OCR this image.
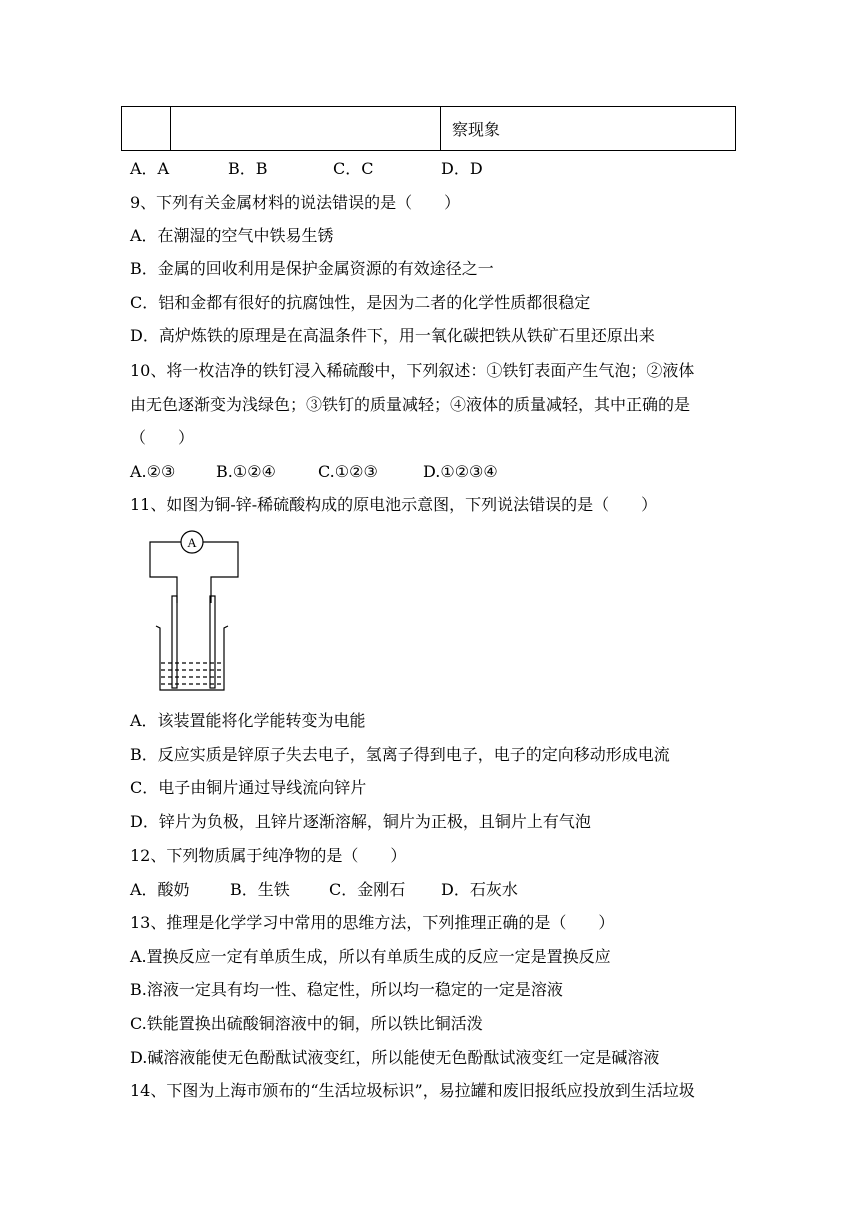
		察现象
A．A	B．B	C．C	D．D
9、下列有关金属材料的说法错误的是（　　）
A．在潮湿的空气中铁易生锈
B．金属的回收利用是保护金属资源的有效途径之一
C．铝和金都有很好的抗腐蚀性，是因为二者的化学性质都很稳定
D．高炉炼铁的原理是在高温条件下，用一氧化碳把铁从铁矿石里还原出来
10、将一枚洁净的铁钉浸入稀硫酸中，下列叙述：①铁钉表面产生气泡；②液体
由无色逐渐变为浅绿色；③铁钉的质量减轻；④液体的质量减轻，其中正确的是
（　　）
A.②③	B.①②④	C.①②③	D.①②③④
11、如图为铜-锌-稀硫酸构成的原电池示意图，下列说法错误的是（　　）
A
A．该装置能将化学能转变为电能
B．反应实质是锌原子失去电子，氢离子得到电子，电子的定向移动形成电流
C．电子由铜片通过导线流向锌片
D．锌片为负极，且锌片逐渐溶解，铜片为正极，且铜片上有气泡
12、下列物质属于纯净物的是（　　）
A．酸奶	B．生铁 C．金刚石 D．石灰水
13、推理是化学学习中常用的思维方法，下列推理正确的是（　　）
A.置换反应一定有单质生成，所以有单质生成的反应一定是置换反应
B.溶液一定具有均一性、稳定性，所以均一稳定的一定是溶液
C.铁能置换出硫酸铜溶液中的铜，所以铁比铜活泼
D.碱溶液能使无色酚酞试液变红，所以能使无色酚酞试液变红一定是碱溶液
14、下图为上海市颁布的“生活垃圾标识”，易拉罐和废旧报纸应投放到生活垃圾
